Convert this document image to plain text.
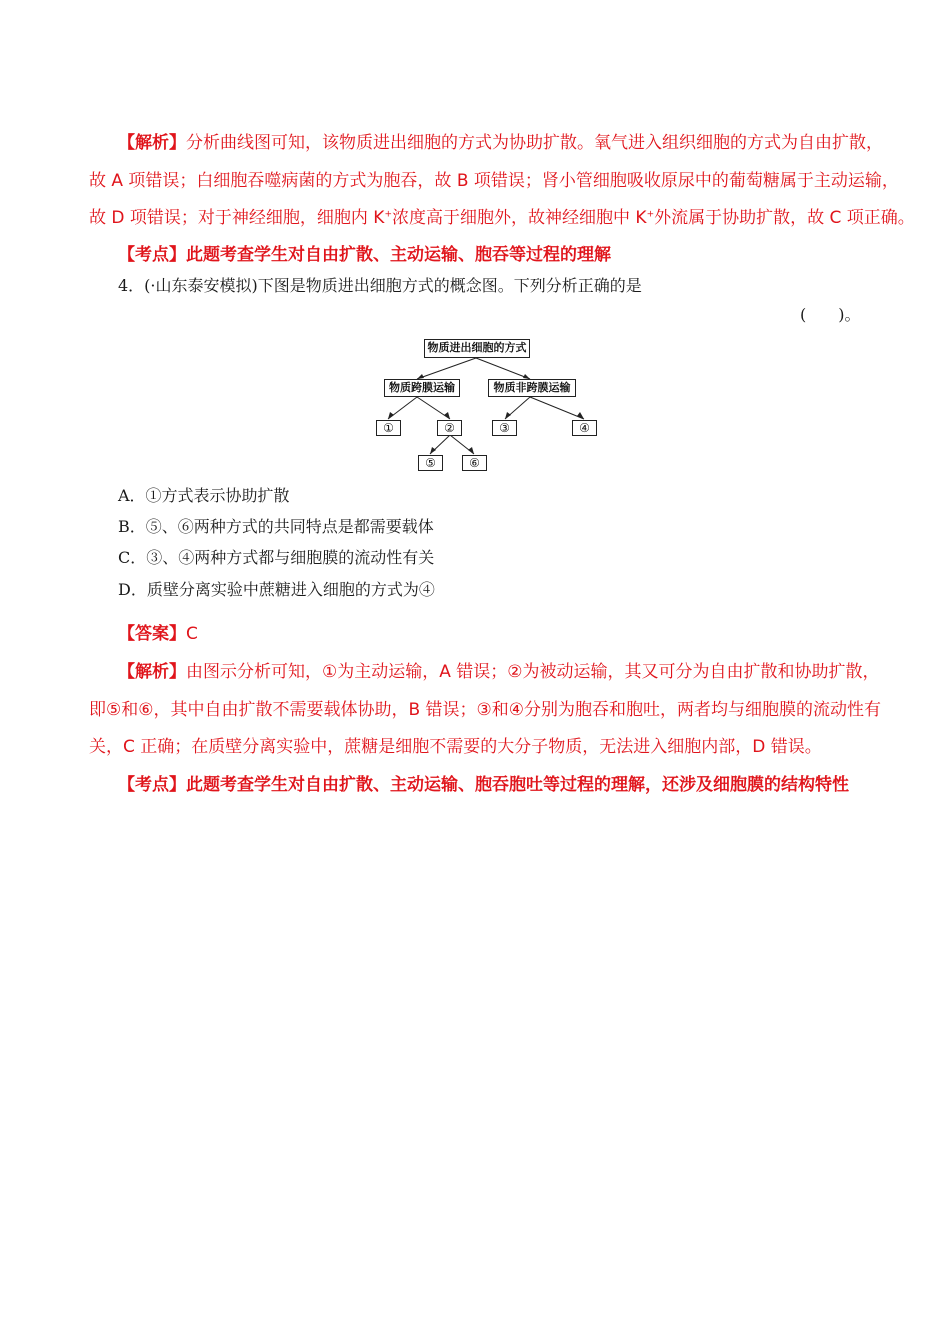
【解析】分析曲线图可知，该物质进出细胞的方式为协助扩散。氧气进入组织细胞的方式为自由扩散，
故 A 项错误；白细胞吞噬病菌的方式为胞吞，故 B 项错误；肾小管细胞吸收原尿中的葡萄糖属于主动运输，
故 D 项错误；对于神经细胞，细胞内 K+浓度高于细胞外，故神经细胞中 K+外流属于协助扩散，故 C 项正确。
【考点】此题考查学生对自由扩散、主动运输、胞吞等过程的理解
4．(·山东泰安模拟)下图是物质进出细胞方式的概念图。下列分析正确的是
(　　)。
物质进出细胞的方式
物质跨膜运输	物质非跨膜运输
①	②	③	④
⑤	⑥
A．①方式表示协助扩散
B．⑤、⑥两种方式的共同特点是都需要载体
C．③、④两种方式都与细胞膜的流动性有关
D．质壁分离实验中蔗糖进入细胞的方式为④
【答案】C
【解析】由图示分析可知，①为主动运输，A 错误；②为被动运输，其又可分为自由扩散和协助扩散，
即⑤和⑥，其中自由扩散不需要载体协助，B 错误；③和④分别为胞吞和胞吐，两者均与细胞膜的流动性有
关，C 正确；在质壁分离实验中，蔗糖是细胞不需要的大分子物质，无法进入细胞内部，D 错误。
【考点】此题考查学生对自由扩散、主动运输、胞吞胞吐等过程的理解，还涉及细胞膜的结构特性
